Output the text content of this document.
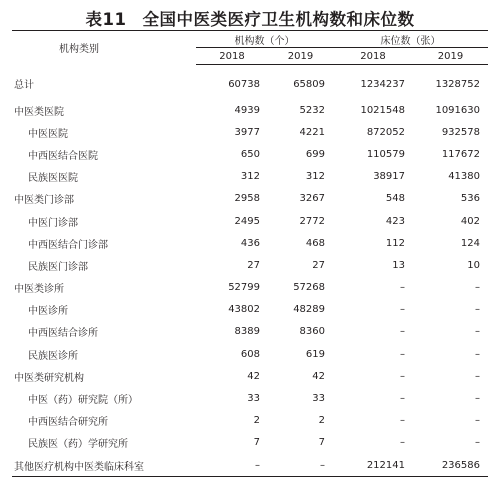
表11 全国中医类医疗卫生机构数和床位数
机构类别	机构数（个）		床位数（张）	
	2018	2019	2018	2019
总计	60738	65809	1234237	1328752
中医类医院	4939	5232	1021548	1091630
中医医院	3977	4221	872052	932578
中西医结合医院	650	699	110579	117672
民族医医院	312	312	38917	41380
中医类门诊部	2958	3267	548	536
中医门诊部	2495	2772	423	402
中西医结合门诊部	436	468	112	124
民族医门诊部	27	27	13	10
中医类诊所	52799	57268	–	–
中医诊所	43802	48289	–	–
中西医结合诊所	8389	8360	–	–
民族医诊所	608	619	–	–
中医类研究机构	42	42	–	–
中医（药）研究院（所）	33	33	–	–
中西医结合研究所	2	2	–	–
民族医（药）学研究所	7	7	–	–
其他医疗机构中医类临床科室	–	–	212141	236586
